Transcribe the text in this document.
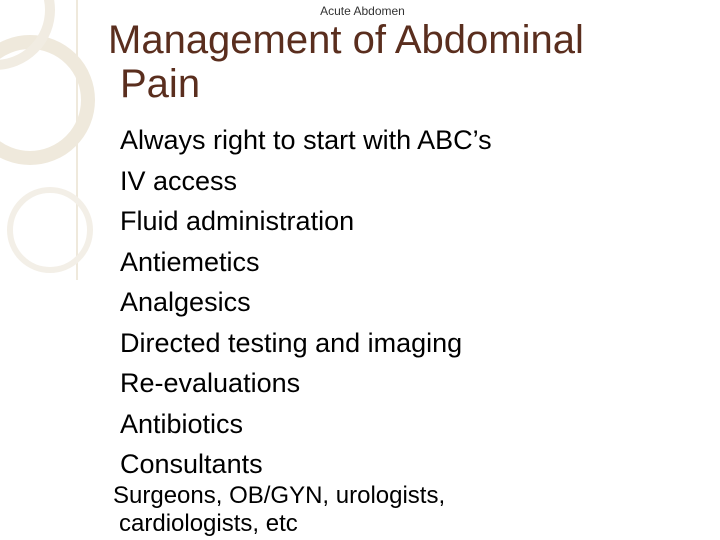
Acute Abdomen
Management of Abdominal
Pain
Always right to start with ABC’s
IV access
Fluid administration
Antiemetics
Analgesics
Directed testing and imaging
Re-evaluations
Antibiotics
Consultants
Surgeons, OB/GYN, urologists,
cardiologists, etc
